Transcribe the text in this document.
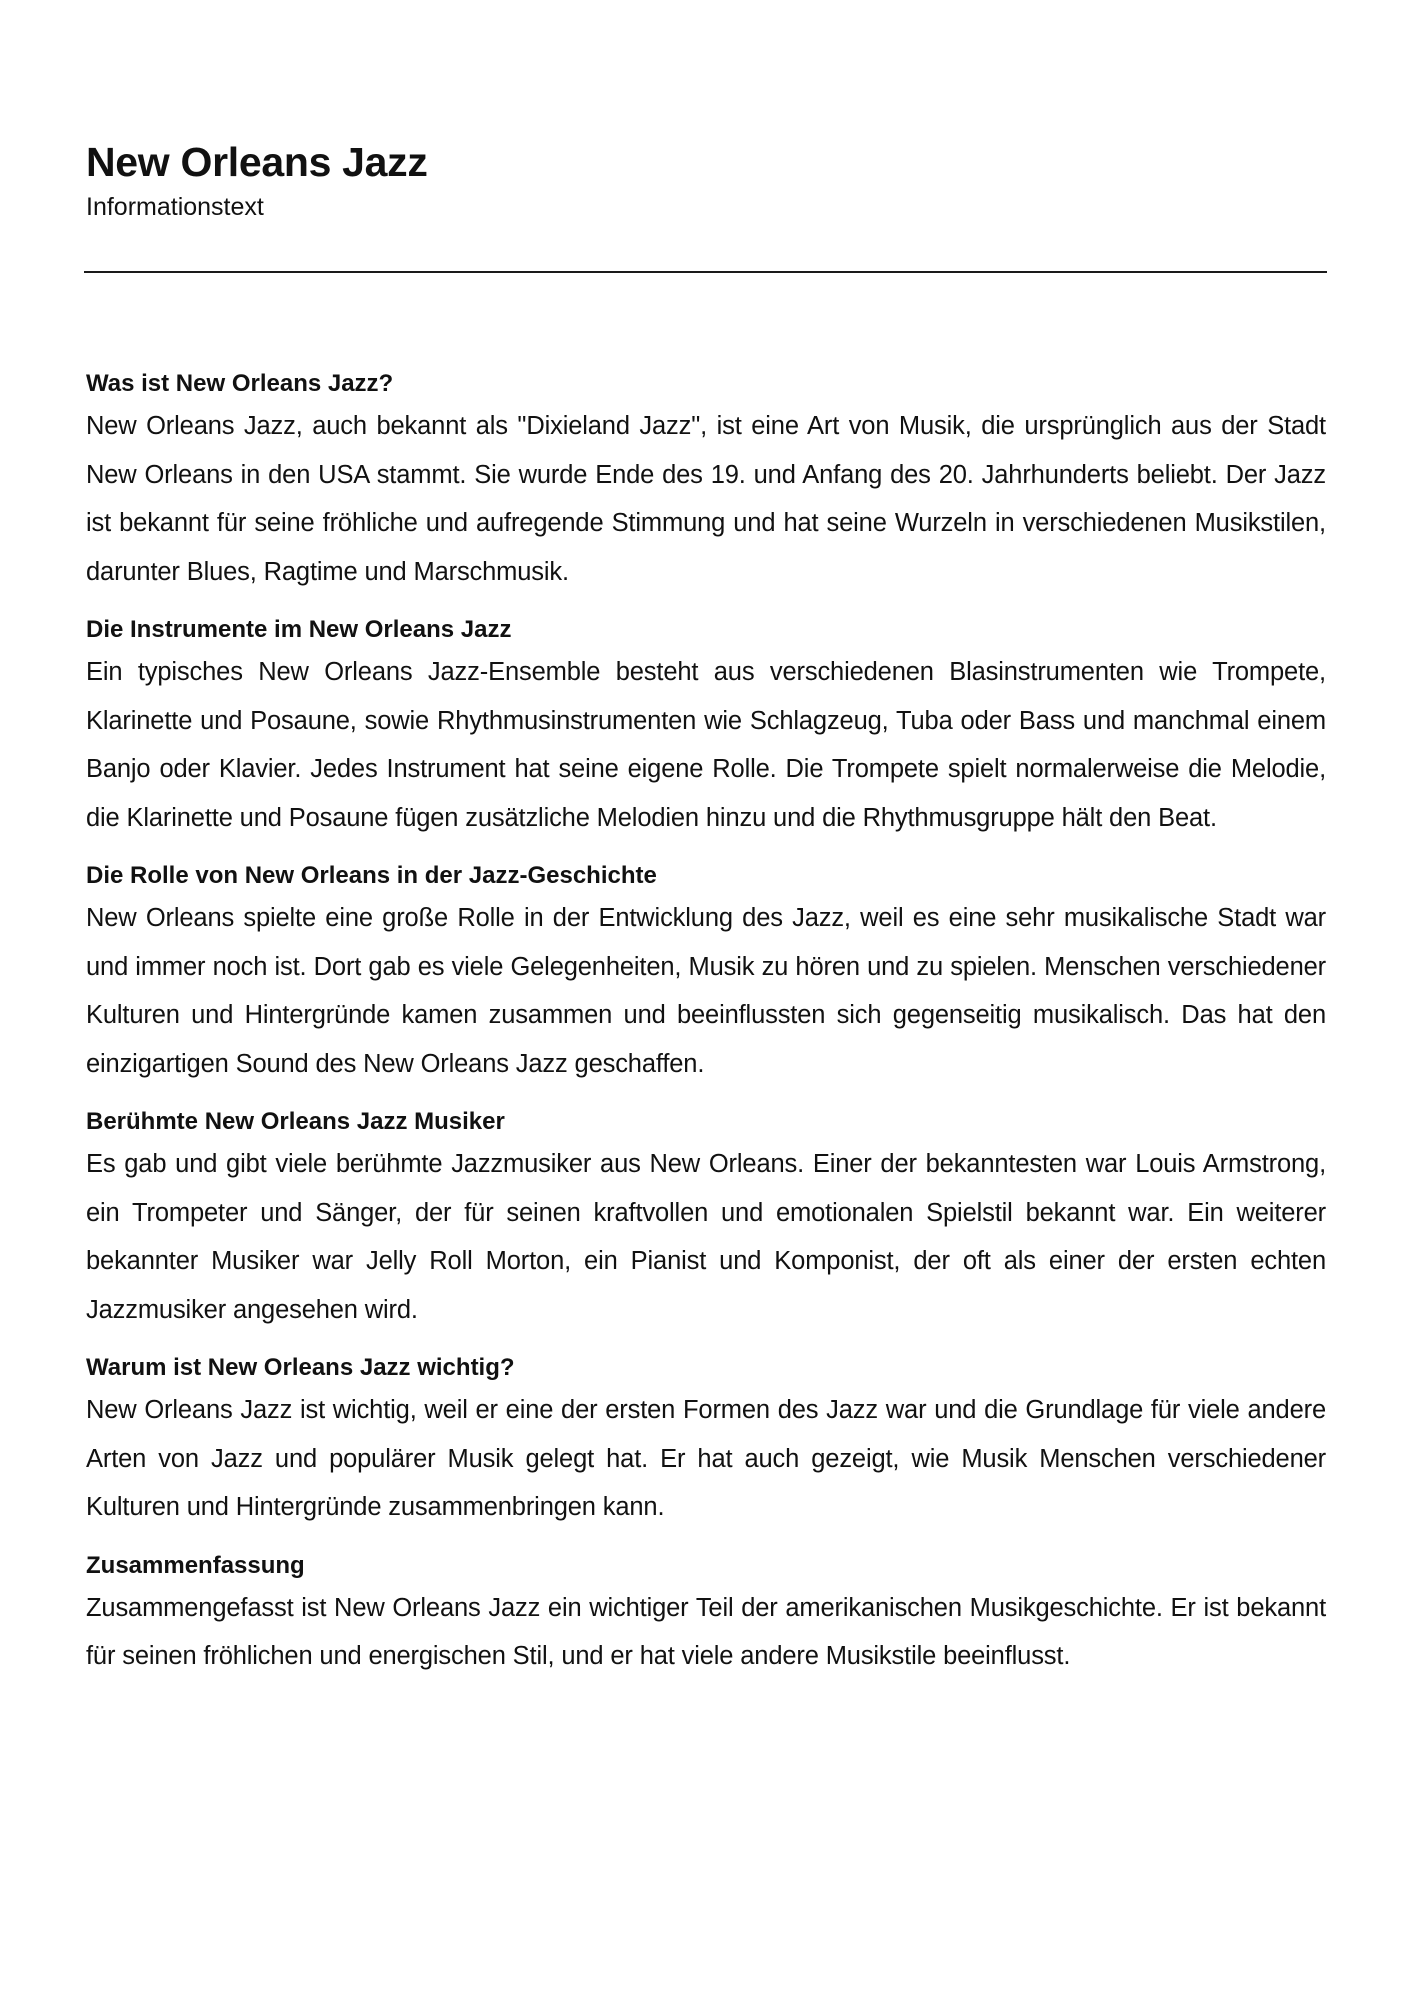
New Orleans Jazz

Informationstext

Was ist New Orleans Jazz?

New Orleans Jazz, auch bekannt als "Dixieland Jazz", ist eine Art von Musik, die ursprünglich aus der Stadt New Orleans in den USA stammt. Sie wurde Ende des 19. und Anfang des 20. Jahrhunderts beliebt. Der Jazz ist bekannt für seine fröhliche und aufregende Stimmung und hat seine Wurzeln in verschiedenen Musikstilen, darunter Blues, Ragtime und Marschmusik.

Die Instrumente im New Orleans Jazz

Ein typisches New Orleans Jazz-Ensemble besteht aus verschiedenen Blasinstrumenten wie Trompete, Klarinette und Posaune, sowie Rhythmusinstrumenten wie Schlagzeug, Tuba oder Bass und manchmal einem Banjo oder Klavier. Jedes Instrument hat seine eigene Rolle. Die Trompete spielt normalerweise die Melodie, die Klarinette und Posaune fügen zusätzliche Melodien hinzu und die Rhythmusgruppe hält den Beat.

Die Rolle von New Orleans in der Jazz-Geschichte

New Orleans spielte eine große Rolle in der Entwicklung des Jazz, weil es eine sehr musikalische Stadt war und immer noch ist. Dort gab es viele Gelegenheiten, Musik zu hören und zu spielen. Menschen verschiedener Kulturen und Hintergründe kamen zusammen und beeinflussten sich gegenseitig musikalisch. Das hat den einzigartigen Sound des New Orleans Jazz geschaffen.

Berühmte New Orleans Jazz Musiker

Es gab und gibt viele berühmte Jazzmusiker aus New Orleans. Einer der bekanntesten war Louis Armstrong, ein Trompeter und Sänger, der für seinen kraftvollen und emotionalen Spielstil bekannt war. Ein weiterer bekannter Musiker war Jelly Roll Morton, ein Pianist und Komponist, der oft als einer der ersten echten Jazzmusiker angesehen wird.

Warum ist New Orleans Jazz wichtig?

New Orleans Jazz ist wichtig, weil er eine der ersten Formen des Jazz war und die Grundlage für viele andere Arten von Jazz und populärer Musik gelegt hat. Er hat auch gezeigt, wie Musik Menschen verschiedener Kulturen und Hintergründe zusammenbringen kann.

Zusammenfassung

Zusammengefasst ist New Orleans Jazz ein wichtiger Teil der amerikanischen Musikgeschichte. Er ist bekannt für seinen fröhlichen und energischen Stil, und er hat viele andere Musikstile beeinflusst.
